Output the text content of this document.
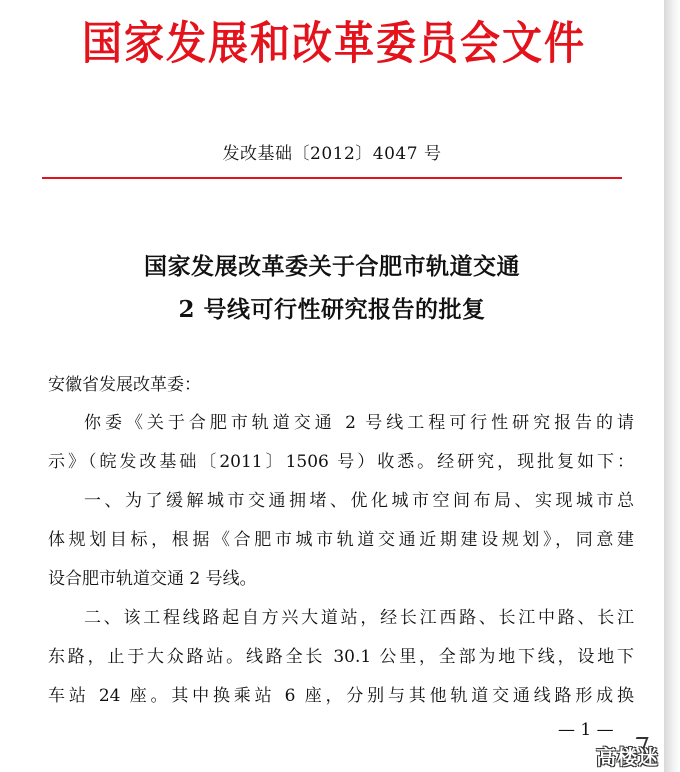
国家发展和改革委员会文件
发改基础〔2012〕4047 号
国家发展改革委关于合肥市轨道交通
2 号线可行性研究报告的批复
安徽省发展改革委：
你委《关于合肥市轨道交通 2 号线工程可行性研究报告的请
示》（皖发改基础〔2011〕1506 号）收悉。经研究，现批复如下：
一、为了缓解城市交通拥堵、优化城市空间布局、实现城市总
体规划目标，根据《合肥市城市轨道交通近期建设规划》，同意建
设合肥市轨道交通 2 号线。
二、该工程线路起自方兴大道站，经长江西路、长江中路、长江
东路，止于大众路站。线路全长 30.1 公里，全部为地下线，设地下
车站 24 座。其中换乘站 6 座，分别与其他轨道交通线路形成换
— 1 —
高楼迷
